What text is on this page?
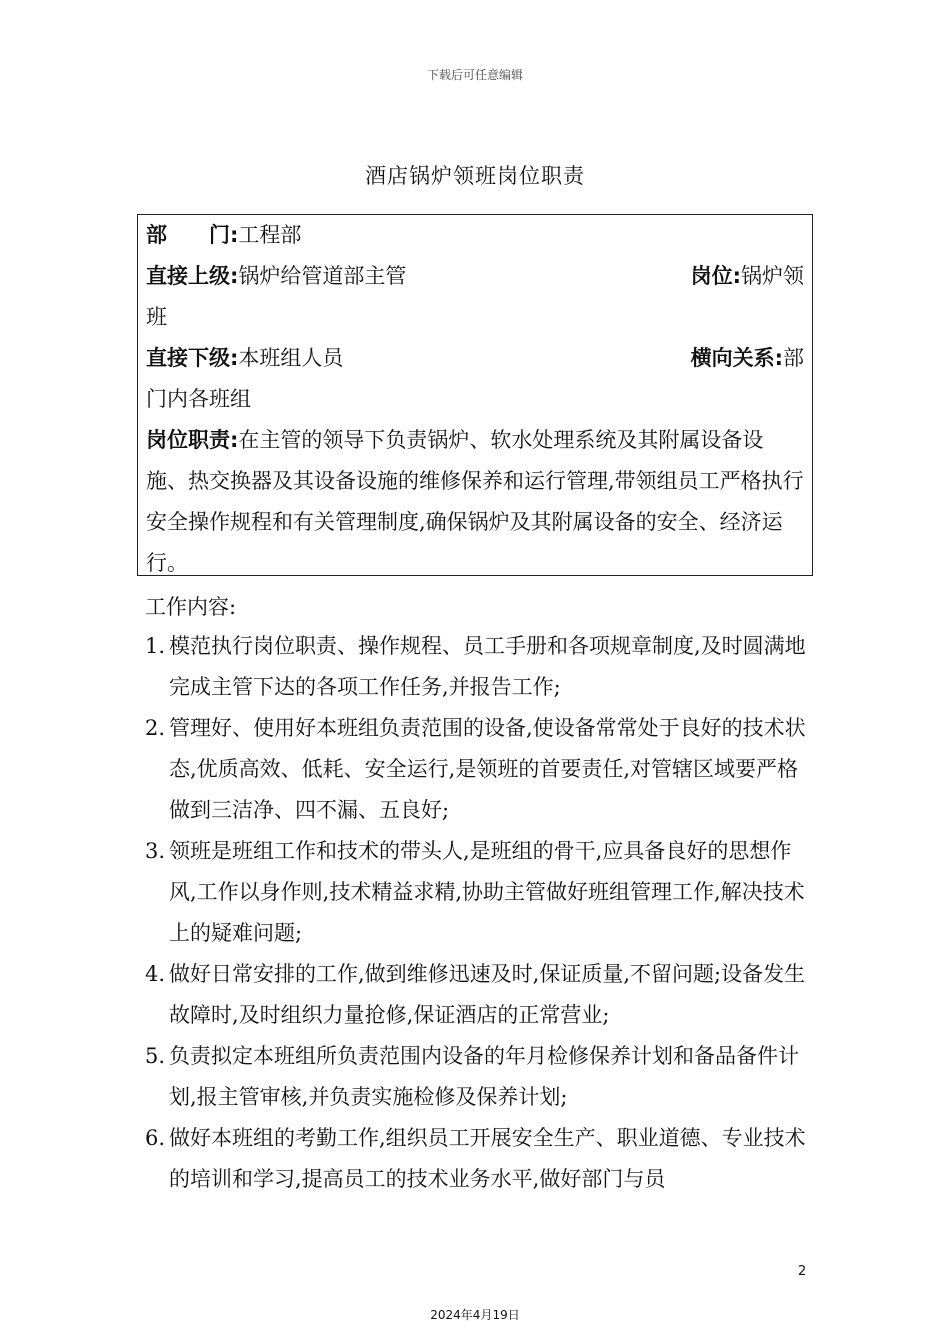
下载后可任意编辑
酒店锅炉领班岗位职责
部　　门:工程部
直接上级:锅炉给管道部主管	岗位:锅炉领
班
直接下级:本班组人员	横向关系:部
门内各班组
岗位职责:在主管的领导下负责锅炉、软水处理系统及其附属设备设施、热交换器及其设备设施的维修保养和运行管理,带领组员工严格执行安全操作规程和有关管理制度,确保锅炉及其附属设备的安全、经济运行。
工作内容:
1. 模范执行岗位职责、操作规程、员工手册和各项规章制度,及时圆满地完成主管下达的各项工作任务,并报告工作;
2. 管理好、使用好本班组负责范围的设备,使设备常常处于良好的技术状态,优质高效、低耗、安全运行,是领班的首要责任,对管辖区域要严格做到三洁净、四不漏、五良好;
3. 领班是班组工作和技术的带头人,是班组的骨干,应具备良好的思想作风,工作以身作则,技术精益求精,协助主管做好班组管理工作,解决技术上的疑难问题;
4. 做好日常安排的工作,做到维修迅速及时,保证质量,不留问题;设备发生故障时,及时组织力量抢修,保证酒店的正常营业;
5. 负责拟定本班组所负责范围内设备的年月检修保养计划和备品备件计划,报主管审核,并负责实施检修及保养计划;
6. 做好本班组的考勤工作,组织员工开展安全生产、职业道德、专业技术的培训和学习,提高员工的技术业务水平,做好部门与员
2
2024年4月19日
